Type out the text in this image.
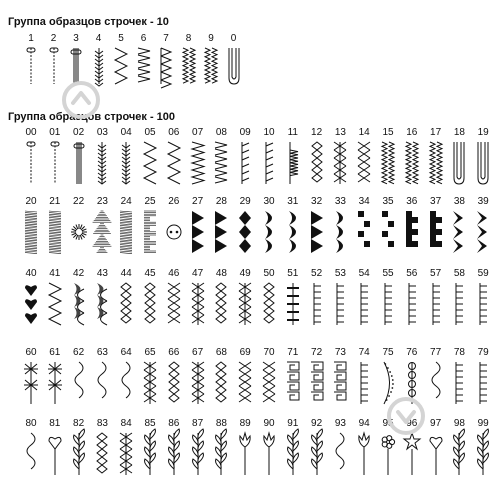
Группа образцов строчек - 10
1	2	3	4	5	6	7	8	9	0
Группа образцов строчек - 100
00	01	02	03	04	05	06	07	08	09	10	11	12	13	14	15	16	17	18	19
20	21	22	23	24	25	26	27	28	29	30	31	32	33	34	35	36	37	38	39
40	41	42	43	44	45	46	47	48	49	50	51	52	53	54	55	56	57	58	59
60	61	62	63	64	65	66	67	68	69	70	71	72	73	74	75	76	77	78	79
80	81	82	83	84	85	86	87	88	89	90	91	92	93	94	95	96	97	98	99
